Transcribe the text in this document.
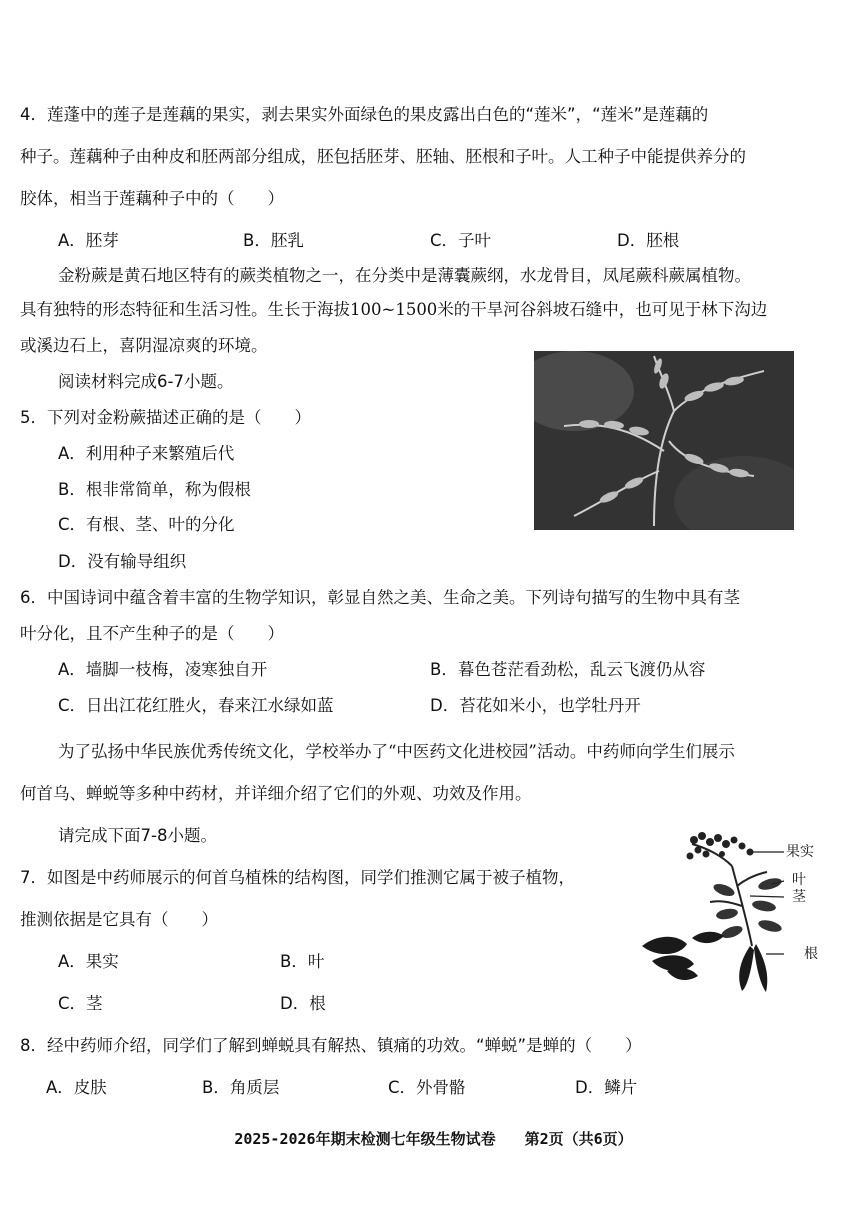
4．莲蓬中的莲子是莲藕的果实，剥去果实外面绿色的果皮露出白色的“莲米”，“莲米”是莲藕的
种子。莲藕种子由种皮和胚两部分组成，胚包括胚芽、胚轴、胚根和子叶。人工种子中能提供养分的
胶体，相当于莲藕种子中的（　　）
A．胚芽	B．胚乳	C．子叶	D．胚根
金粉蕨是黄石地区特有的蕨类植物之一，在分类中是薄囊蕨纲，水龙骨目，凤尾蕨科蕨属植物。
具有独特的形态特征和生活习性。生长于海拔100~1500米的干旱河谷斜坡石缝中，也可见于林下沟边
或溪边石上，喜阴湿凉爽的环境。
阅读材料完成6-7小题。
5．下列对金粉蕨描述正确的是（　　）
A．利用种子来繁殖后代
B．根非常简单，称为假根
C．有根、茎、叶的分化
D．没有输导组织
6．中国诗词中蕴含着丰富的生物学知识，彰显自然之美、生命之美。下列诗句描写的生物中具有茎
叶分化，且不产生种子的是（　　）
A．墙脚一枝梅，凌寒独自开	B．暮色苍茫看劲松，乱云飞渡仍从容
C．日出江花红胜火，春来江水绿如蓝	D．苔花如米小，也学牡丹开
为了弘扬中华民族优秀传统文化，学校举办了“中医药文化进校园”活动。中药师向学生们展示
何首乌、蝉蜕等多种中药材，并详细介绍了它们的外观、功效及作用。
请完成下面7-8小题。
7．如图是中药师展示的何首乌植株的结构图，同学们推测它属于被子植物，
推测依据是它具有（　　）
A．果实	B．叶
C．茎	D．根
果实
叶
茎
根
8．经中药师介绍，同学们了解到蝉蜕具有解热、镇痛的功效。“蝉蜕”是蝉的（　　）
A．皮肤	B．角质层	C．外骨骼	D．鳞片
2025-2026年期末检测七年级生物试卷 第2页（共6页）
